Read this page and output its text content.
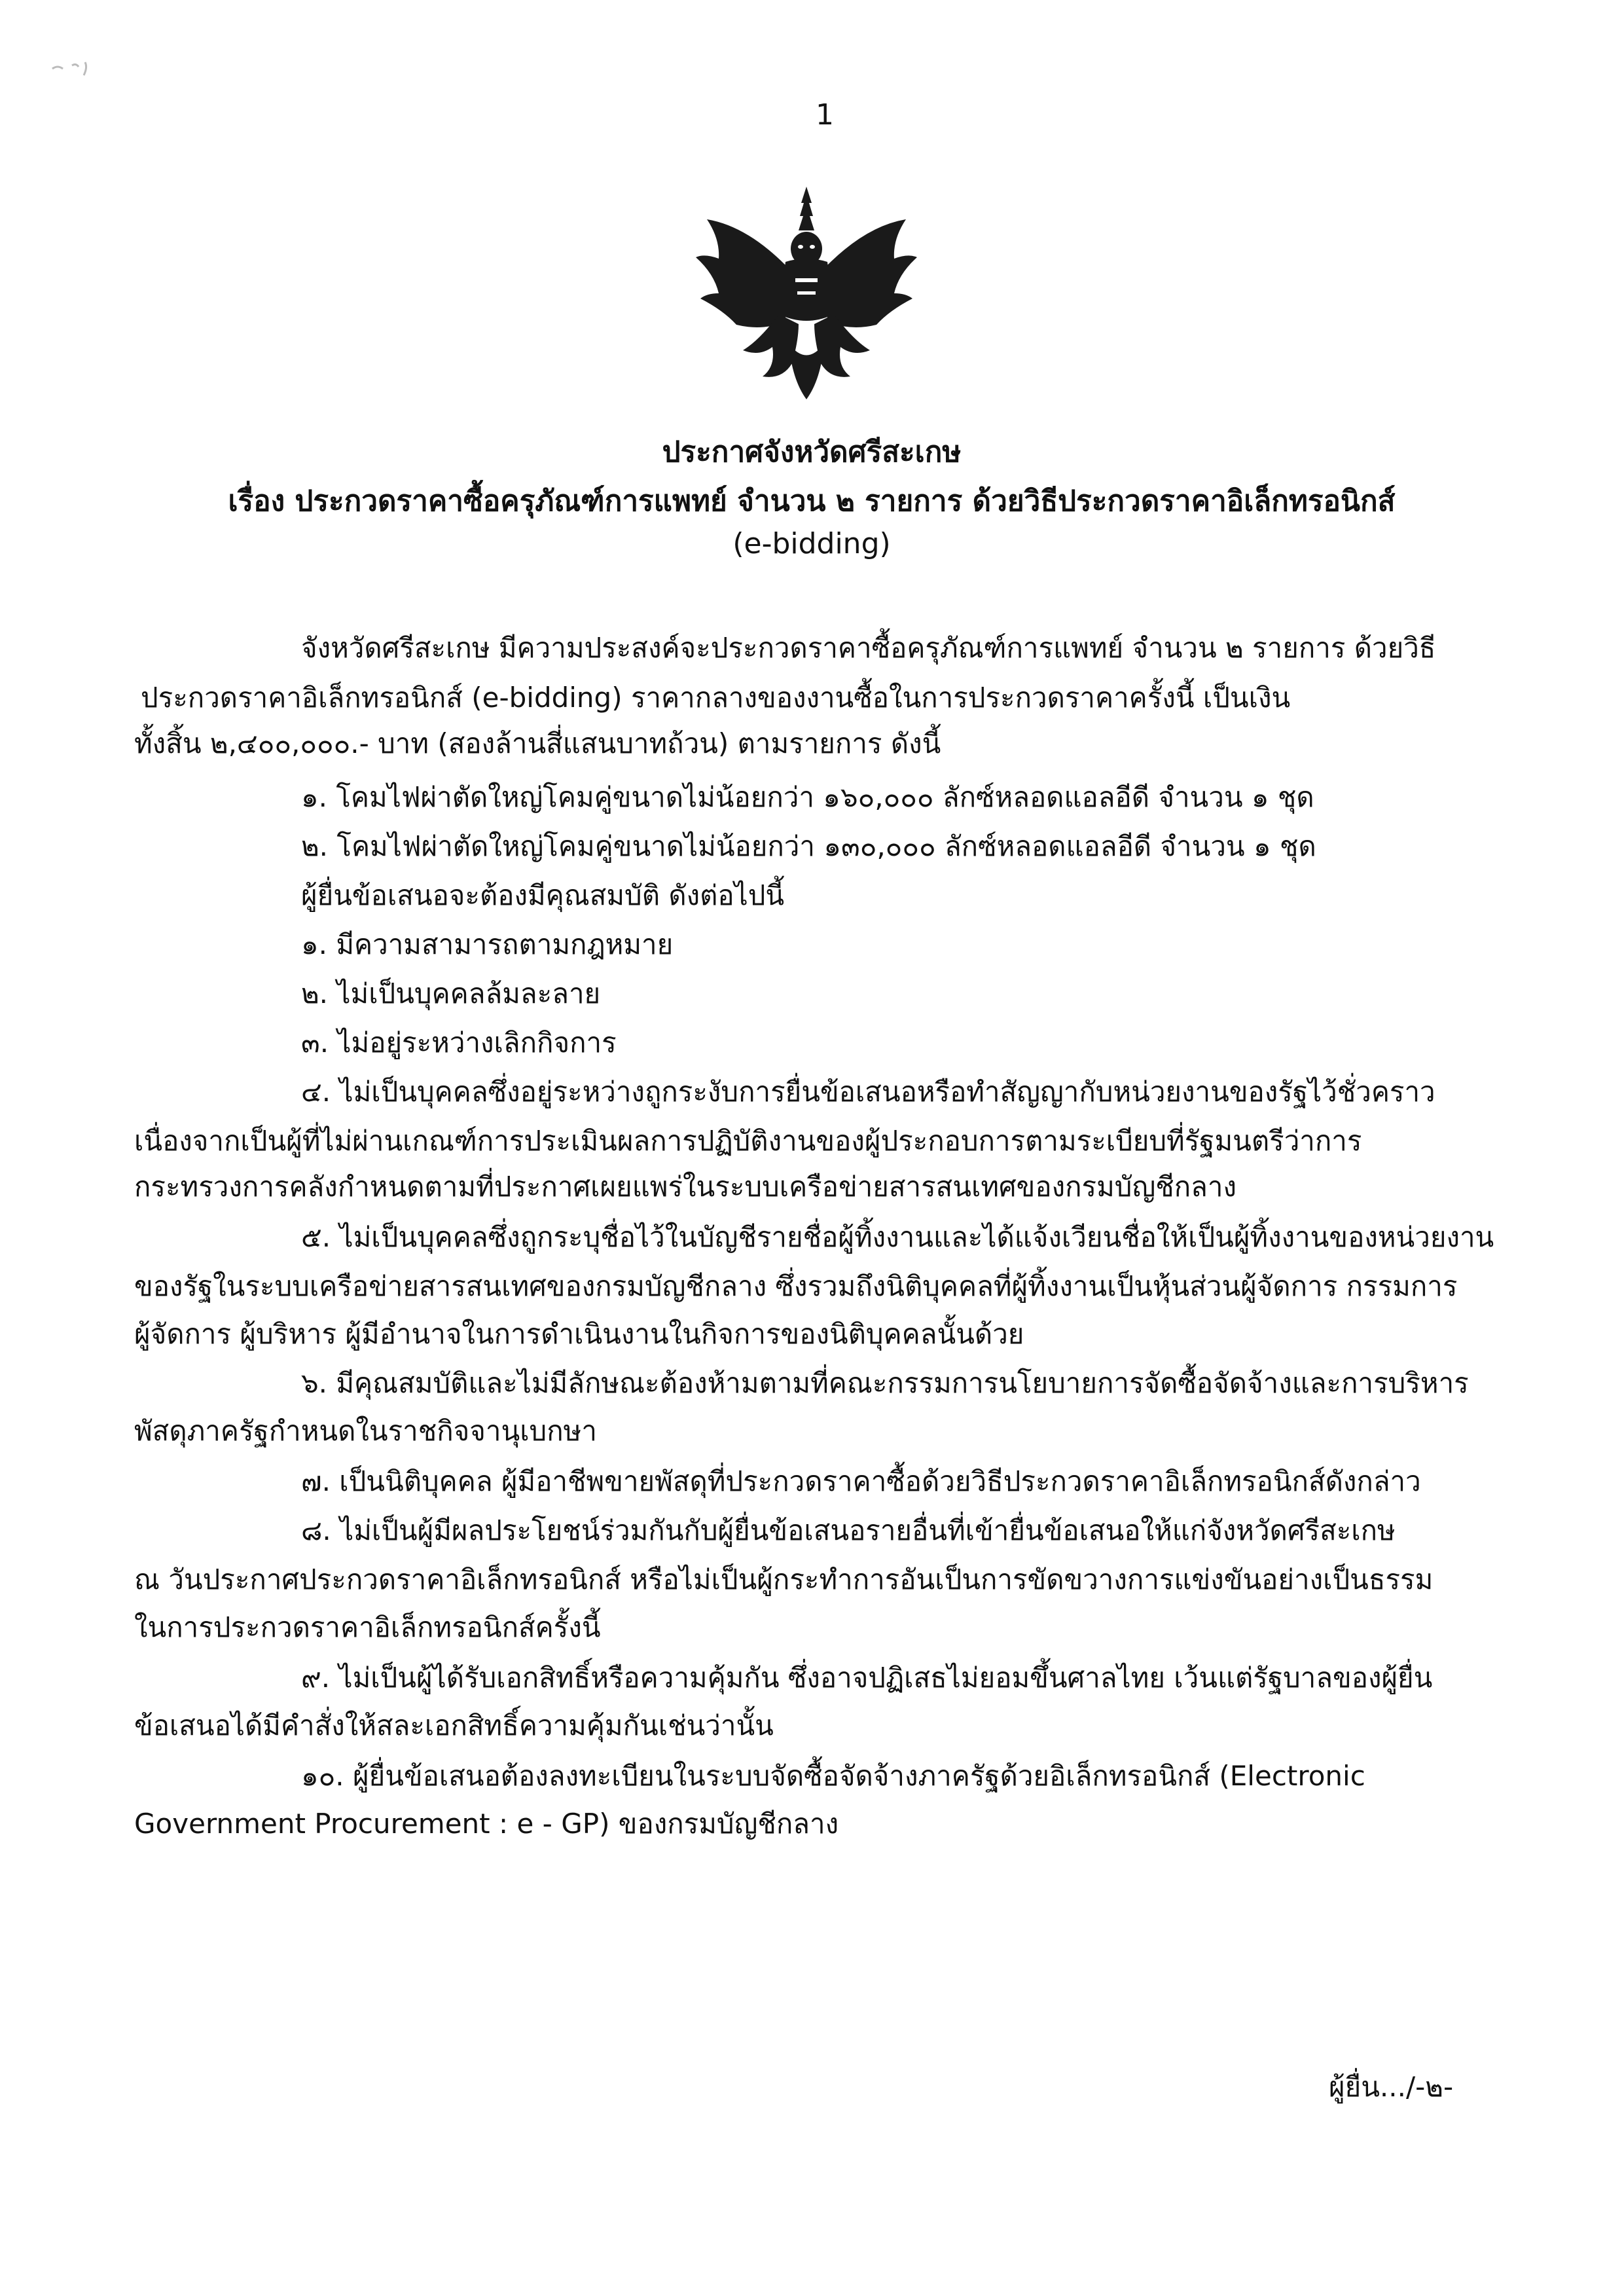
1
ประกาศจังหวัดศรีสะเกษ
เรื่อง ประกวดราคาซื้อครุภัณฑ์การแพทย์ จำนวน ๒ รายการ ด้วยวิธีประกวดราคาอิเล็กทรอนิกส์
(e-bidding)
จังหวัดศรีสะเกษ มีความประสงค์จะประกวดราคาซื้อครุภัณฑ์การแพทย์ จำนวน ๒ รายการ ด้วยวิธี
ประกวดราคาอิเล็กทรอนิกส์ (e-bidding) ราคากลางของงานซื้อในการประกวดราคาครั้งนี้ เป็นเงิน
ทั้งสิ้น ๒,๔๐๐,๐๐๐.- บาท (สองล้านสี่แสนบาทถ้วน) ตามรายการ ดังนี้
๑. โคมไฟผ่าตัดใหญ่โคมคู่ขนาดไม่น้อยกว่า ๑๖๐,๐๐๐ ลักซ์หลอดแอลอีดี จำนวน ๑ ชุด
๒. โคมไฟผ่าตัดใหญ่โคมคู่ขนาดไม่น้อยกว่า ๑๓๐,๐๐๐ ลักซ์หลอดแอลอีดี จำนวน ๑ ชุด
ผู้ยื่นข้อเสนอจะต้องมีคุณสมบัติ ดังต่อไปนี้
๑. มีความสามารถตามกฎหมาย
๒. ไม่เป็นบุคคลล้มละลาย
๓. ไม่อยู่ระหว่างเลิกกิจการ
๔. ไม่เป็นบุคคลซึ่งอยู่ระหว่างถูกระงับการยื่นข้อเสนอหรือทำสัญญากับหน่วยงานของรัฐไว้ชั่วคราว
เนื่องจากเป็นผู้ที่ไม่ผ่านเกณฑ์การประเมินผลการปฏิบัติงานของผู้ประกอบการตามระเบียบที่รัฐมนตรีว่าการ
กระทรวงการคลังกำหนดตามที่ประกาศเผยแพร่ในระบบเครือข่ายสารสนเทศของกรมบัญชีกลาง
๕. ไม่เป็นบุคคลซึ่งถูกระบุชื่อไว้ในบัญชีรายชื่อผู้ทิ้งงานและได้แจ้งเวียนชื่อให้เป็นผู้ทิ้งงานของหน่วยงาน
ของรัฐในระบบเครือข่ายสารสนเทศของกรมบัญชีกลาง ซึ่งรวมถึงนิติบุคคลที่ผู้ทิ้งงานเป็นหุ้นส่วนผู้จัดการ กรรมการ
ผู้จัดการ ผู้บริหาร ผู้มีอำนาจในการดำเนินงานในกิจการของนิติบุคคลนั้นด้วย
๖. มีคุณสมบัติและไม่มีลักษณะต้องห้ามตามที่คณะกรรมการนโยบายการจัดซื้อจัดจ้างและการบริหาร
พัสดุภาครัฐกำหนดในราชกิจจานุเบกษา
๗. เป็นนิติบุคคล ผู้มีอาชีพขายพัสดุที่ประกวดราคาซื้อด้วยวิธีประกวดราคาอิเล็กทรอนิกส์ดังกล่าว
๘. ไม่เป็นผู้มีผลประโยชน์ร่วมกันกับผู้ยื่นข้อเสนอรายอื่นที่เข้ายื่นข้อเสนอให้แก่จังหวัดศรีสะเกษ
ณ วันประกาศประกวดราคาอิเล็กทรอนิกส์ หรือไม่เป็นผู้กระทำการอันเป็นการขัดขวางการแข่งขันอย่างเป็นธรรม
ในการประกวดราคาอิเล็กทรอนิกส์ครั้งนี้
๙. ไม่เป็นผู้ได้รับเอกสิทธิ์หรือความคุ้มกัน ซึ่งอาจปฏิเสธไม่ยอมขึ้นศาลไทย เว้นแต่รัฐบาลของผู้ยื่น
ข้อเสนอได้มีคำสั่งให้สละเอกสิทธิ์ความคุ้มกันเช่นว่านั้น
๑๐. ผู้ยื่นข้อเสนอต้องลงทะเบียนในระบบจัดซื้อจัดจ้างภาครัฐด้วยอิเล็กทรอนิกส์ (Electronic
Government Procurement : e - GP) ของกรมบัญชีกลาง
ผู้ยื่น.../-๒-
